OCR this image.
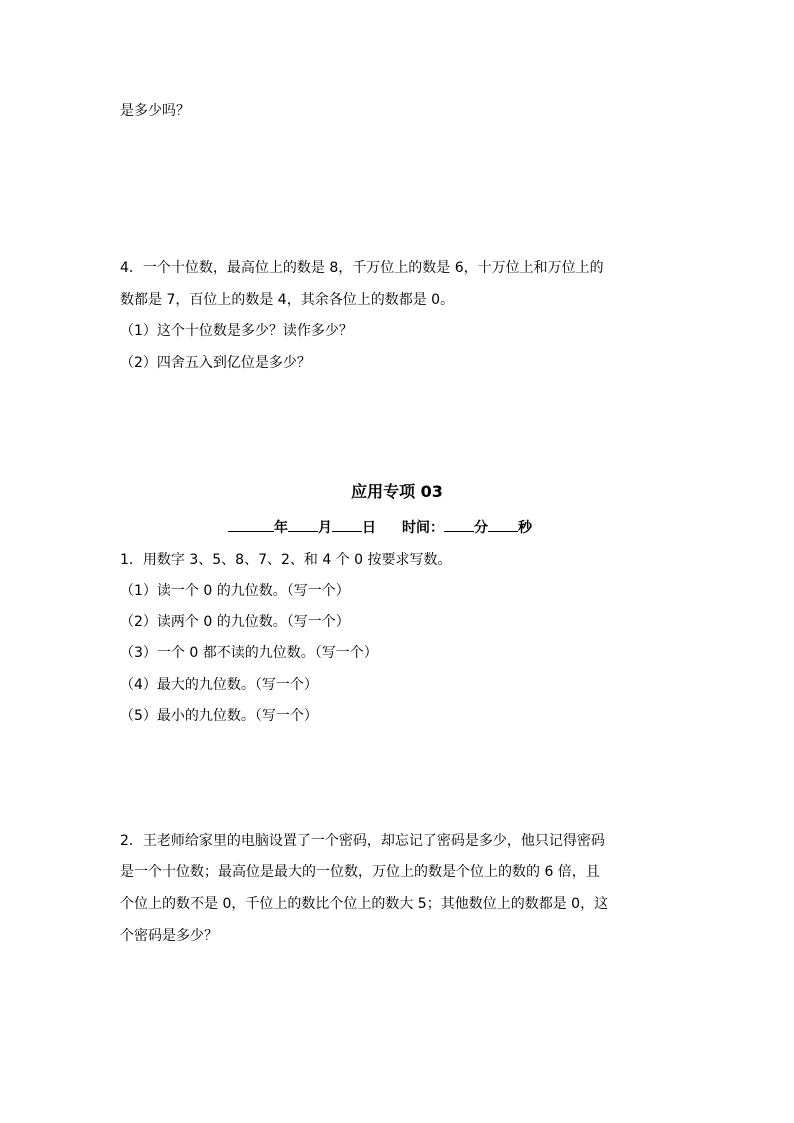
是多少吗？
4．一个十位数，最高位上的数是 8，千万位上的数是 6，十万位上和万位上的
数都是 7，百位上的数是 4，其余各位上的数都是 0。
（1）这个十位数是多少？读作多少？
（2）四舍五入到亿位是多少？
应用专项 03
年 月 日 时间： 分 秒
1．用数字 3、5、8、7、2、和 4 个 0 按要求写数。
（1）读一个 0 的九位数。（写一个）
（2）读两个 0 的九位数。（写一个）
（3）一个 0 都不读的九位数。（写一个）
（4）最大的九位数。（写一个）
（5）最小的九位数。（写一个）
2．王老师给家里的电脑设置了一个密码，却忘记了密码是多少，他只记得密码
是一个十位数；最高位是最大的一位数，万位上的数是个位上的数的 6 倍，且
个位上的数不是 0，千位上的数比个位上的数大 5；其他数位上的数都是 0，这
个密码是多少？
